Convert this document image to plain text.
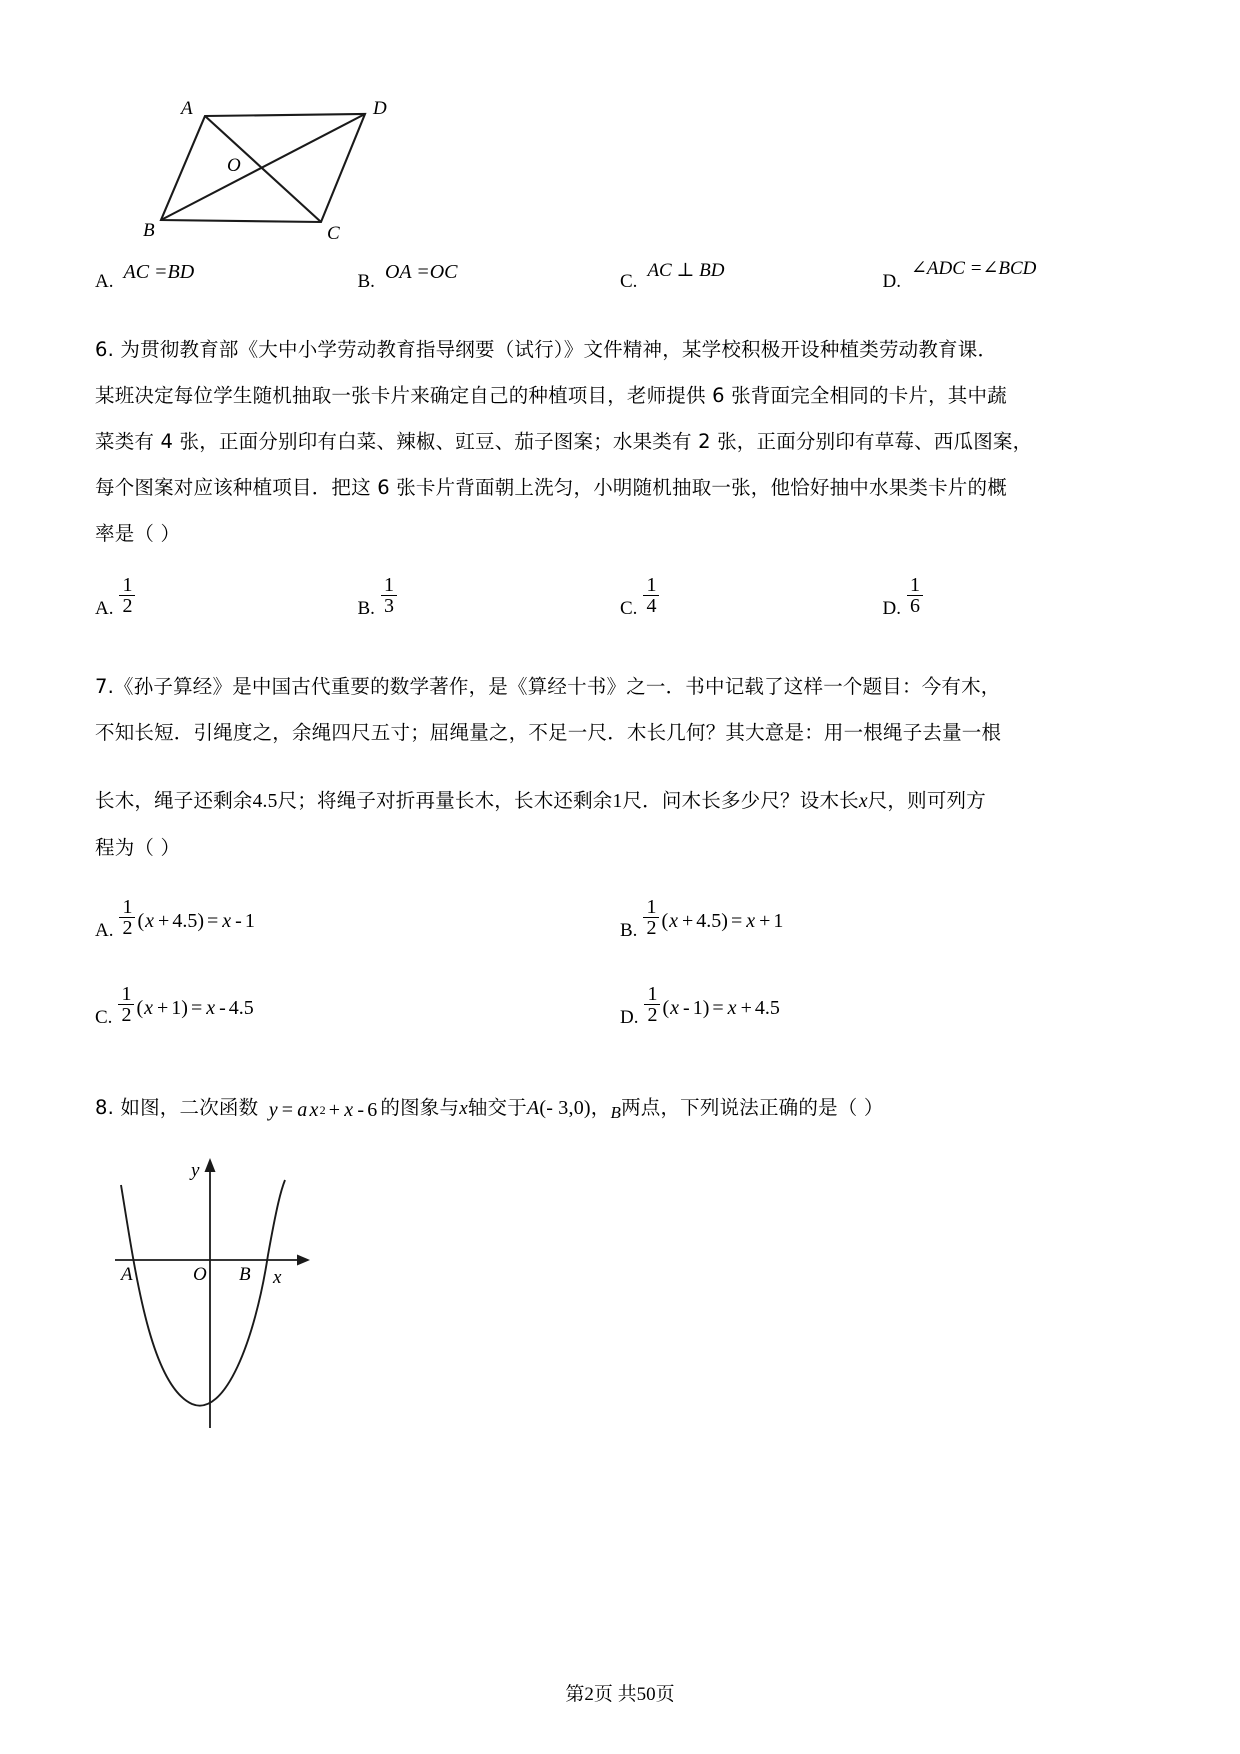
A	D
B	C
O
A. AC =BD	B. OA =OC	C.
AC ⊥ BD
D.
∠ADC =∠BCD
6. 为贯彻教育部《大中小学劳动教育指导纲要（试行）》文件精神，某学校积极开设种植类劳动教育课．
某班决定每位学生随机抽取一张卡片来确定自己的种植项目，老师提供 6 张背面完全相同的卡片，其中蔬
菜类有 4 张，正面分别印有白菜、辣椒、豇豆、茄子图案；水果类有 2 张，正面分别印有草莓、西瓜图案，
每个图案对应该种植项目．把这 6 张卡片背面朝上洗匀，小明随机抽取一张，他恰好抽中水果类卡片的概
率是（ ）
A. $\frac{1}{2}$	B. $\frac{1}{3}$	C. $\frac{1}{4}$	D. $\frac{1}{6}$
7.《孙子算经》是中国古代重要的数学著作，是《算经十书》之一．书中记载了这样一个题目：今有木，
不知长短．引绳度之，余绳四尺五寸；屈绳量之，不足一尺．木长几何？其大意是：用一根绳子去量一根
长木，绳子还剩余4.5尺；将绳子对折再量长木，长木还剩余1尺．问木长多少尺？设木长x尺，则可列方
程为（ ）
A. $\frac{1}{2}$ ( x + 4.5 ) = x - 1	B. $\frac{1}{2}$ ( x + 4.5 ) = x + 1
C. $\frac{1}{2}$ ( x + 1 ) = x - 4.5	D. $\frac{1}{2}$ ( x - 1 ) = x + 4.5
8. 如图，二次函数 y = a x 2 + x - 6 的图象与x轴交于A(- 3,0)，B两点，下列说法正确的是（ ）
A	O B x
y
第2页 共50页
